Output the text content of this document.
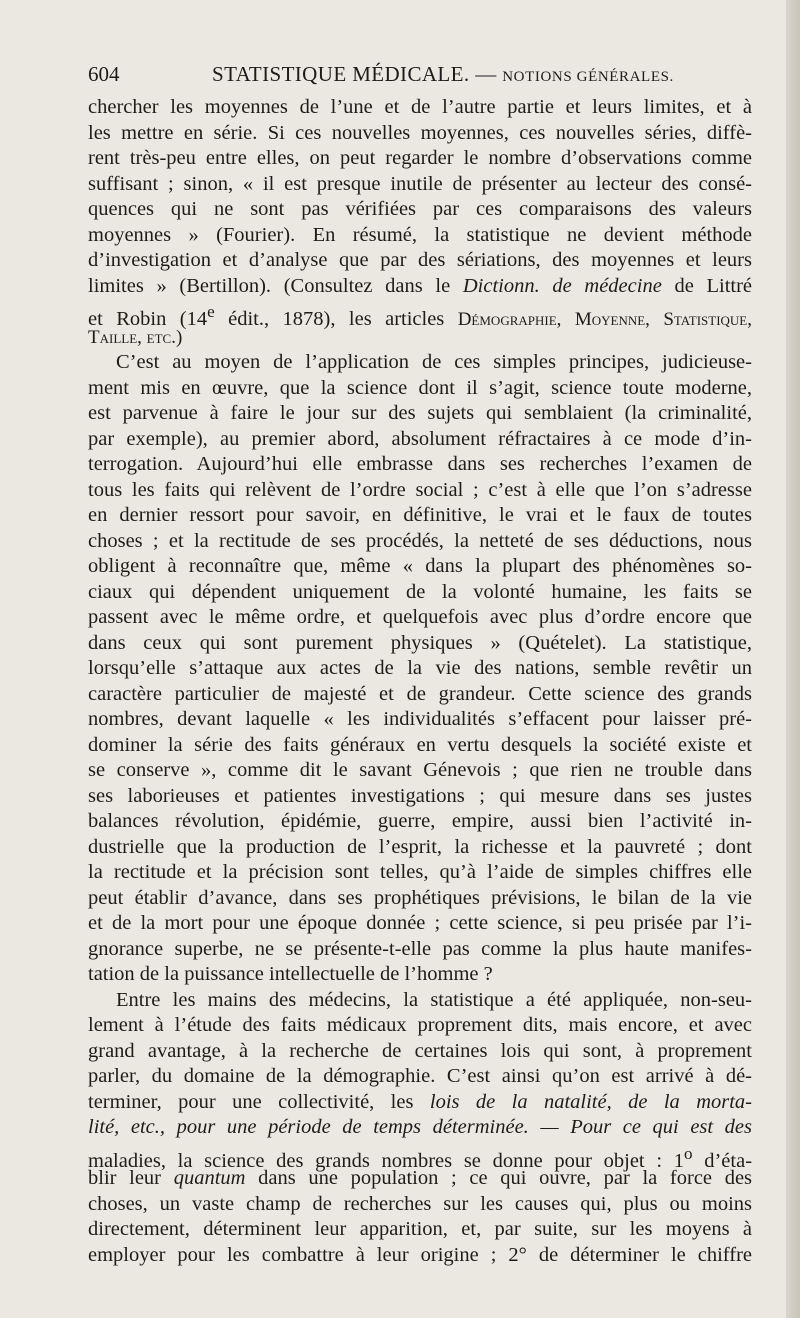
604	STATISTIQUE MÉDICALE. — NOTIONS GÉNÉRALES.
chercher les moyennes de l’une et de l’autre partie et leurs limites, et à
les mettre en série. Si ces nouvelles moyennes, ces nouvelles séries, diffè-
rent très-peu entre elles, on peut regarder le nombre d’observations comme
suffisant ; sinon, « il est presque inutile de présenter au lecteur des consé-
quences qui ne sont pas vérifiées par ces comparaisons des valeurs
moyennes » (Fourier). En résumé, la statistique ne devient méthode
d’investigation et d’analyse que par des sériations, des moyennes et leurs
limites » (Bertillon). (Consultez dans le Dictionn. de médecine de Littré
et Robin (14e édit., 1878), les articles Démographie, Moyenne, Statistique,
Taille, etc.)
C’est au moyen de l’application de ces simples principes, judicieuse-
ment mis en œuvre, que la science dont il s’agit, science toute moderne,
est parvenue à faire le jour sur des sujets qui semblaient (la criminalité,
par exemple), au premier abord, absolument réfractaires à ce mode d’in-
terrogation. Aujourd’hui elle embrasse dans ses recherches l’examen de
tous les faits qui relèvent de l’ordre social ; c’est à elle que l’on s’adresse
en dernier ressort pour savoir, en définitive, le vrai et le faux de toutes
choses ; et la rectitude de ses procédés, la netteté de ses déductions, nous
obligent à reconnaître que, même « dans la plupart des phénomènes so-
ciaux qui dépendent uniquement de la volonté humaine, les faits se
passent avec le même ordre, et quelquefois avec plus d’ordre encore que
dans ceux qui sont purement physiques » (Quételet). La statistique,
lorsqu’elle s’attaque aux actes de la vie des nations, semble revêtir un
caractère particulier de majesté et de grandeur. Cette science des grands
nombres, devant laquelle « les individualités s’effacent pour laisser pré-
dominer la série des faits généraux en vertu desquels la société existe et
se conserve », comme dit le savant Génevois ; que rien ne trouble dans
ses laborieuses et patientes investigations ; qui mesure dans ses justes
balances révolution, épidémie, guerre, empire, aussi bien l’activité in-
dustrielle que la production de l’esprit, la richesse et la pauvreté ; dont
la rectitude et la précision sont telles, qu’à l’aide de simples chiffres elle
peut établir d’avance, dans ses prophétiques prévisions, le bilan de la vie
et de la mort pour une époque donnée ; cette science, si peu prisée par l’i-
gnorance superbe, ne se présente-t-elle pas comme la plus haute manifes-
tation de la puissance intellectuelle de l’homme ?
Entre les mains des médecins, la statistique a été appliquée, non-seu-
lement à l’étude des faits médicaux proprement dits, mais encore, et avec
grand avantage, à la recherche de certaines lois qui sont, à proprement
parler, du domaine de la démographie. C’est ainsi qu’on est arrivé à dé-
terminer, pour une collectivité, les lois de la natalité, de la morta-
lité, etc., pour une période de temps déterminée. — Pour ce qui est des
maladies, la science des grands nombres se donne pour objet : 1$^o$ d’éta-
blir leur quantum dans une population ; ce qui ouvre, par la force des
choses, un vaste champ de recherches sur les causes qui, plus ou moins
directement, déterminent leur apparition, et, par suite, sur les moyens à
employer pour les combattre à leur origine ; 2° de déterminer le chiffre
